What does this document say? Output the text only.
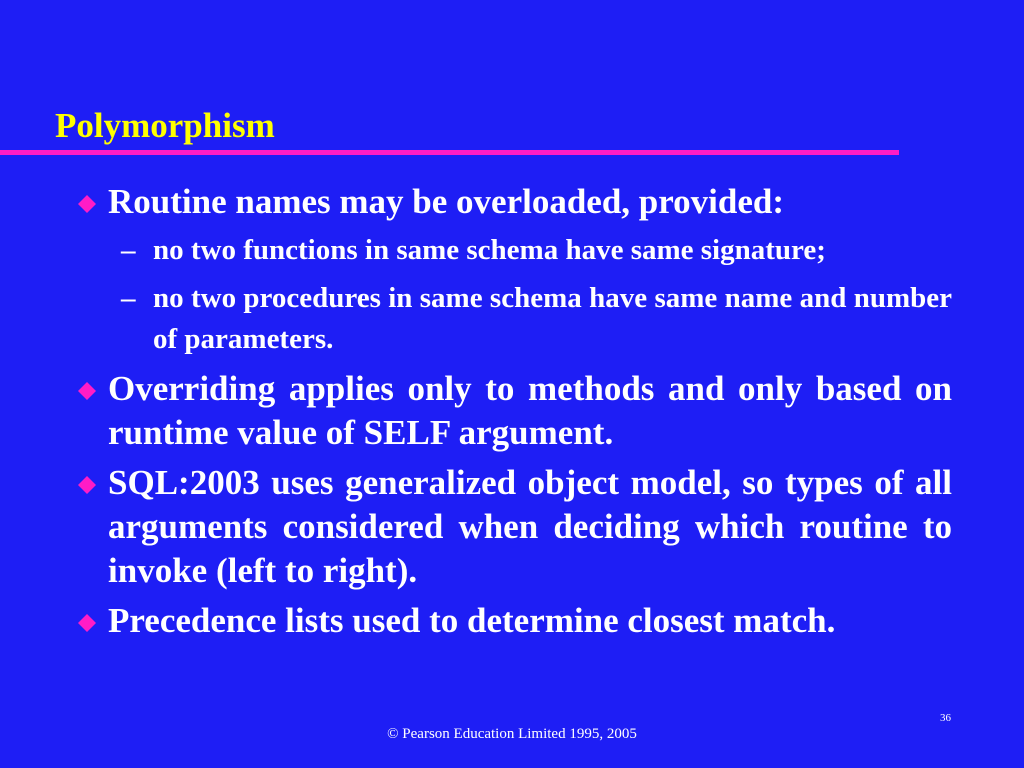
Polymorphism
Routine names may be overloaded, provided:
– no two functions in same schema have same signature;
– no two procedures in same schema have same name and number of parameters.
Overriding applies only to methods and only based on runtime value of SELF argument.
SQL:2003 uses generalized object model, so types of all arguments considered when deciding which routine to invoke (left to right).
Precedence lists used to determine closest match.
36
© Pearson Education Limited 1995, 2005
